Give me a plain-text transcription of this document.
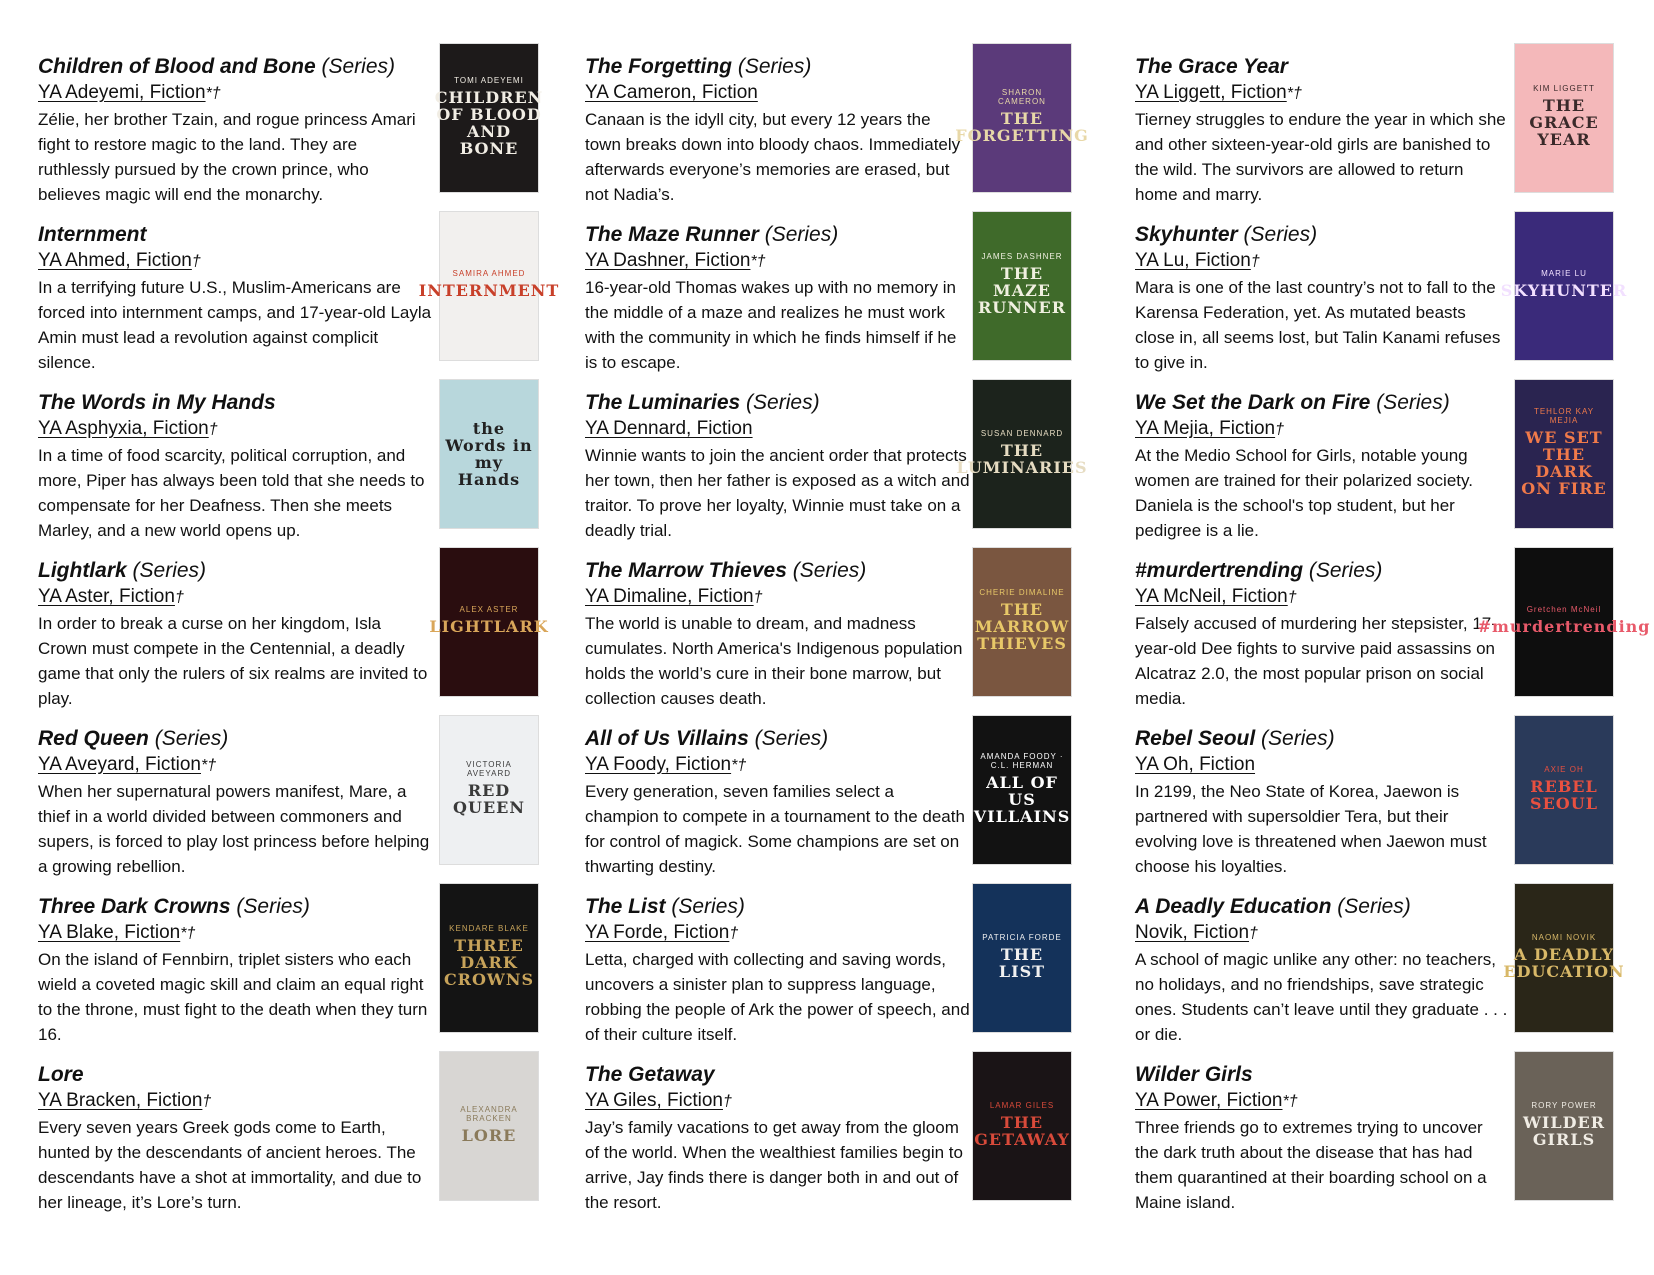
Children of Blood and Bone (Series)
YA Adeyemi, Fiction*†
Zélie, her brother Tzain, and rogue princess Amari fight to restore magic to the land. They are ruthlessly pursued by the crown prince, who believes magic will end the monarchy.
TOMI ADEYEMI
CHILDREN OF BLOOD AND BONE
Internment
YA Ahmed, Fiction†
In a terrifying future U.S., Muslim-Americans are forced into internment camps, and 17-year-old Layla Amin must lead a revolution against complicit silence.
SAMIRA AHMED
INTERNMENT
The Words in My Hands
YA Asphyxia, Fiction†
In a time of food scarcity, political corruption, and more, Piper has always been told that she needs to compensate for her Deafness. Then she meets Marley, and a new world opens up.
the Words in my Hands
Lightlark (Series)
YA Aster, Fiction†
In order to break a curse on her kingdom, Isla Crown must compete in the Centennial, a deadly game that only the rulers of six realms are invited to play.
ALEX ASTER
LIGHTLARK
Red Queen (Series)
YA Aveyard, Fiction*†
When her supernatural powers manifest, Mare, a thief in a world divided between commoners and supers, is forced to play lost princess before helping a growing rebellion.
VICTORIA AVEYARD
RED QUEEN
Three Dark Crowns (Series)
YA Blake, Fiction*†
On the island of Fennbirn, triplet sisters who each wield a coveted magic skill and claim an equal right to the throne, must fight to the death when they turn 16.
KENDARE BLAKE
THREE DARK CROWNS
Lore
YA Bracken, Fiction†
Every seven years Greek gods come to Earth, hunted by the descendants of ancient heroes. The descendants have a shot at immortality, and due to her lineage, it’s Lore’s turn.
ALEXANDRA BRACKEN
LORE
The Forgetting (Series)
YA Cameron, Fiction
Canaan is the idyll city, but every 12 years the town breaks down into bloody chaos. Immediately afterwards everyone’s memories are erased, but not Nadia’s.
SHARON CAMERON
THE FORGETTING
The Maze Runner (Series)
YA Dashner, Fiction*†
16-year-old Thomas wakes up with no memory in the middle of a maze and realizes he must work with the community in which he finds himself if he is to escape.
JAMES DASHNER
THE MAZE RUNNER
The Luminaries (Series)
YA Dennard, Fiction
Winnie wants to join the ancient order that protects her town, then her father is exposed as a witch and traitor. To prove her loyalty, Winnie must take on a deadly trial.
SUSAN DENNARD
THE LUMINARIES
The Marrow Thieves (Series)
YA Dimaline, Fiction†
The world is unable to dream, and madness cumulates. North America's Indigenous population holds the world’s cure in their bone marrow, but collection causes death.
CHERIE DIMALINE
THE MARROW THIEVES
All of Us Villains (Series)
YA Foody, Fiction*†
Every generation, seven families select a champion to compete in a tournament to the death for control of magick. Some champions are set on thwarting destiny.
AMANDA FOODY · C.L. HERMAN
ALL OF US VILLAINS
The List (Series)
YA Forde, Fiction†
Letta, charged with collecting and saving words, uncovers a sinister plan to suppress language, robbing the people of Ark the power of speech, and of their culture itself.
PATRICIA FORDE
THE LIST
The Getaway
YA Giles, Fiction†
Jay’s family vacations to get away from the gloom of the world. When the wealthiest families begin to arrive, Jay finds there is danger both in and out of the resort.
LAMAR GILES
THE GETAWAY
The Grace Year
YA Liggett, Fiction*†
Tierney struggles to endure the year in which she and other sixteen-year-old girls are banished to the wild. The survivors are allowed to return home and marry.
KIM LIGGETT
THE GRACE YEAR
Skyhunter (Series)
YA Lu, Fiction†
Mara is one of the last country’s not to fall to the Karensa Federation, yet. As mutated beasts close in, all seems lost, but Talin Kanami refuses to give in.
MARIE LU
SKYHUNTER
We Set the Dark on Fire (Series)
YA Mejia, Fiction†
At the Medio School for Girls, notable young women are trained for their polarized society. Daniela is the school's top student, but her pedigree is a lie.
TEHLOR KAY MEJIA
WE SET THE DARK ON FIRE
#murdertrending (Series)
YA McNeil, Fiction†
Falsely accused of murdering her stepsister, 17-year-old Dee fights to survive paid assassins on Alcatraz 2.0, the most popular prison on social media.
Gretchen McNeil
#murdertrending
Rebel Seoul (Series)
YA Oh, Fiction
In 2199, the Neo State of Korea, Jaewon is partnered with supersoldier Tera, but their evolving love is threatened when Jaewon must choose his loyalties.
AXIE OH
REBEL SEOUL
A Deadly Education (Series)
Novik, Fiction†
A school of magic unlike any other: no teachers, no holidays, and no friendships, save strategic ones. Students can’t leave until they graduate . . . or die.
NAOMI NOVIK
A DEADLY EDUCATION
Wilder Girls
YA Power, Fiction*†
Three friends go to extremes trying to uncover the dark truth about the disease that has had them quarantined at their boarding school on a Maine island.
RORY POWER
WILDER GIRLS
